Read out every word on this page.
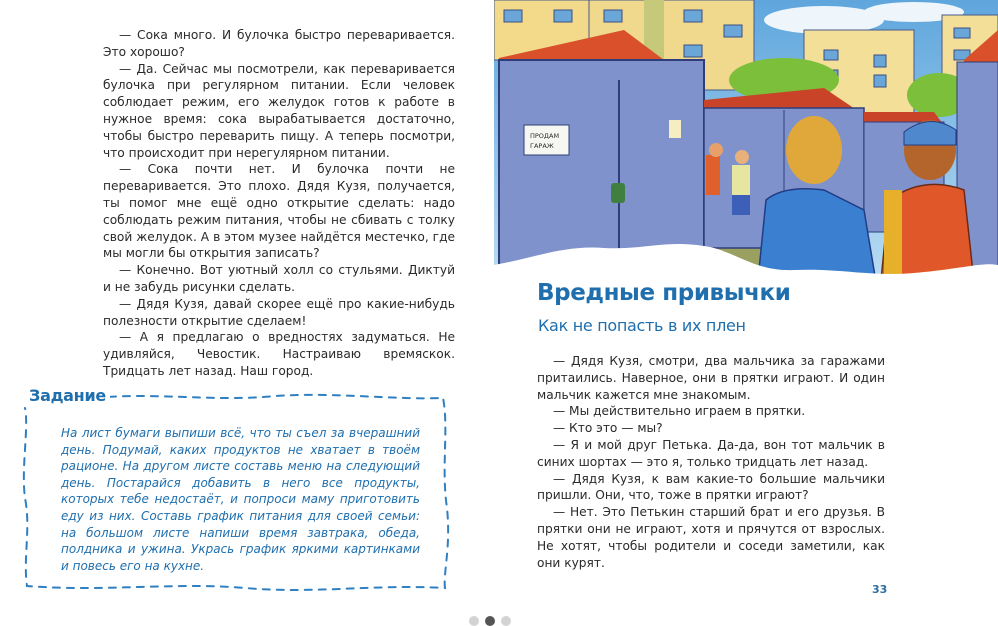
— Сока много. И булочка быстро переваривается. Это хорошо?

— Да. Сейчас мы посмотрели, как переваривается булочка при регулярном питании. Если человек соблюдает режим, его желудок готов к работе в нужное время: сока вырабатывается достаточно, чтобы быстро переварить пищу. А теперь посмотри, что происходит при нерегулярном питании.

— Сока почти нет. И булочка почти не переваривается. Это плохо. Дядя Кузя, получается, ты помог мне ещё одно открытие сделать: надо соблюдать режим питания, чтобы не сбивать с толку свой желудок. А в этом музее найдётся местечко, где мы могли бы открытия записать?

— Конечно. Вот уютный холл со стульями. Диктуй и не забудь рисунки сделать.

— Дядя Кузя, давай скорее ещё про какие-нибудь полезности открытие сделаем!

— А я предлагаю о вредностях задуматься. Не удивляйся, Чевостик. Настраиваю времяскок. Тридцать лет назад. Наш город.

Задание
На лист бумаги выпиши всё, что ты съел за вчерашний день. Подумай, каких продуктов не хватает в твоём рационе. На другом листе составь меню на следующий день. Постарайся добавить в него все продукты, которых тебе недостаёт, и попроси маму приготовить еду из них. Составь график питания для своей семьи: на большом листе напиши время завтрака, обеда, полдника и ужина. Укрась график яркими картинками и повесь его на кухне.
ПРОДАМ
ГАРАЖ
Вредные привычки
Как не попасть в их плен

— Дядя Кузя, смотри, два мальчика за гаражами притаились. Наверное, они в прятки играют. И один мальчик кажется мне знакомым.

— Мы действительно играем в прятки.

— Кто это — мы?

— Я и мой друг Петька. Да-да, вон тот мальчик в синих шортах — это я, только тридцать лет назад.

— Дядя Кузя, к вам какие-то большие мальчики пришли. Они, что, тоже в прятки играют?

— Нет. Это Петькин старший брат и его друзья. В прятки они не играют, хотя и прячутся от взрослых. Не хотят, чтобы родители и соседи заметили, как они курят.

33
